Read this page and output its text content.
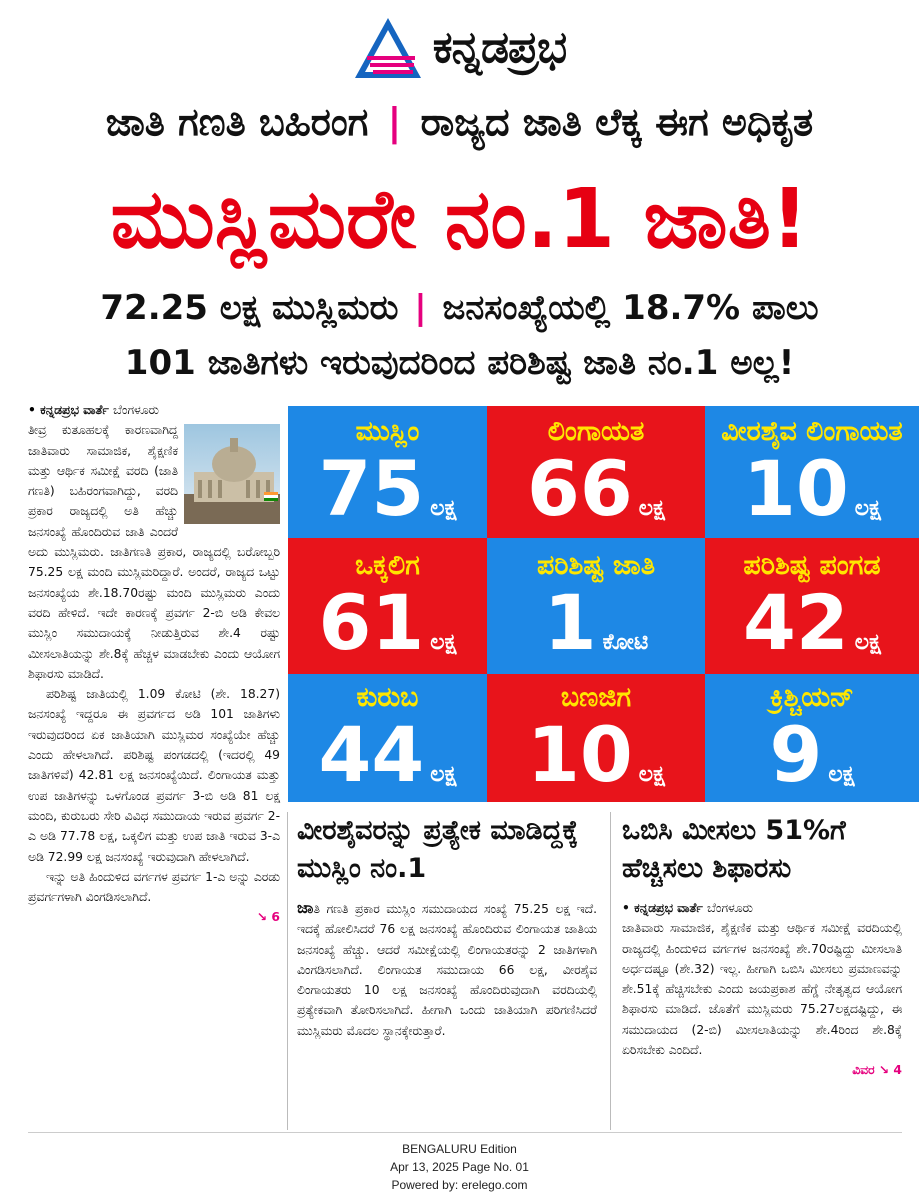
ಕನ್ನಡಪ್ರಭ
ಜಾತಿ ಗಣತಿ ಬಹಿರಂಗ | ರಾಜ್ಯದ ಜಾತಿ ಲೆಕ್ಕ ಈಗ ಅಧಿಕೃತ
ಮುಸ್ಲಿಮರೇ ನಂ.1 ಜಾತಿ!
72.25 ಲಕ್ಷ ಮುಸ್ಲಿಮರು | ಜನಸಂಖ್ಯೆಯಲ್ಲಿ 18.7% ಪಾಲು
101 ಜಾತಿಗಳು ಇರುವುದರಿಂದ ಪರಿಶಿಷ್ಟ ಜಾತಿ ನಂ.1 ಅಲ್ಲ!

• ಕನ್ನಡಪ್ರಭ ವಾರ್ತೆ ಬೆಂಗಳೂರು

ತೀವ್ರ ಕುತೂಹಲಕ್ಕೆ ಕಾರಣವಾಗಿದ್ದ ಜಾತಿವಾರು ಸಾಮಾಜಿಕ, ಶೈಕ್ಷಣಿಕ ಮತ್ತು ಆರ್ಥಿಕ ಸಮೀಕ್ಷೆ ವರದಿ (ಜಾತಿ ಗಣತಿ) ಬಹಿರಂಗವಾಗಿದ್ದು, ವರದಿ ಪ್ರಕಾರ ರಾಜ್ಯದಲ್ಲಿ ಅತಿ ಹೆಚ್ಚು ಜನಸಂಖ್ಯೆ ಹೊಂದಿರುವ ಜಾತಿ ಎಂದರೆ ಅದು ಮುಸ್ಲಿಮರು. ಜಾತಿಗಣತಿ ಪ್ರಕಾರ, ರಾಜ್ಯದಲ್ಲಿ ಬರೋಬ್ಬರಿ 75.25 ಲಕ್ಷ ಮಂದಿ ಮುಸ್ಲಿಮರಿದ್ದಾರೆ. ಅಂದರೆ, ರಾಜ್ಯದ ಒಟ್ಟು ಜನಸಂಖ್ಯೆಯ ಶೇ.18.70ರಷ್ಟು ಮಂದಿ ಮುಸ್ಲಿಮರು ಎಂದು ವರದಿ ಹೇಳಿದೆ. ಇದೇ ಕಾರಣಕ್ಕೆ ಪ್ರವರ್ಗ 2-ಬಿ ಅಡಿ ಕೇವಲ ಮುಸ್ಲಿಂ ಸಮುದಾಯಕ್ಕೆ ನೀಡುತ್ತಿರುವ ಶೇ.4 ರಷ್ಟು ಮೀಸಲಾತಿಯನ್ನು ಶೇ.8ಕ್ಕೆ ಹೆಚ್ಚಳ ಮಾಡಬೇಕು ಎಂದು ಆಯೋಗ ಶಿಫಾರಸು ಮಾಡಿದೆ.

ಪರಿಶಿಷ್ಟ ಜಾತಿಯಲ್ಲಿ 1.09 ಕೋಟಿ (ಶೇ. 18.27) ಜನಸಂಖ್ಯೆ ಇದ್ದರೂ ಈ ಪ್ರವರ್ಗದ ಅಡಿ 101 ಜಾತಿಗಳು ಇರುವುದರಿಂದ ಏಕ ಜಾತಿಯಾಗಿ ಮುಸ್ಲಿಮರ ಸಂಖ್ಯೆಯೇ ಹೆಚ್ಚು ಎಂದು ಹೇಳಲಾಗಿದೆ. ಪರಿಶಿಷ್ಟ ಪಂಗಡದಲ್ಲಿ (ಇದರಲ್ಲಿ 49 ಜಾತಿಗಳಿವೆ) 42.81 ಲಕ್ಷ ಜನಸಂಖ್ಯೆಯಿದೆ. ಲಿಂಗಾಯತ ಮತ್ತು ಉಪ ಜಾತಿಗಳನ್ನು ಒಳಗೊಂಡ ಪ್ರವರ್ಗ 3-ಬಿ ಅಡಿ 81 ಲಕ್ಷ ಮಂದಿ, ಕುರುಬರು ಸೇರಿ ವಿವಿಧ ಸಮುದಾಯ ಇರುವ ಪ್ರವರ್ಗ 2-ಎ ಅಡಿ 77.78 ಲಕ್ಷ, ಒಕ್ಕಲಿಗ ಮತ್ತು ಉಪ ಜಾತಿ ಇರುವ 3-ಎ ಅಡಿ 72.99 ಲಕ್ಷ ಜನಸಂಖ್ಯೆ ಇರುವುದಾಗಿ ಹೇಳಲಾಗಿದೆ.

ಇನ್ನು ಅತಿ ಹಿಂದುಳಿದ ವರ್ಗಗಳ ಪ್ರವರ್ಗ 1-ಎ ಅನ್ನು ಎರಡು ಪ್ರವರ್ಗಗಳಾಗಿ ವಿಂಗಡಿಸಲಾಗಿದೆ.

↘ 6

ಮುಸ್ಲಿಂ
75 ಲಕ್ಷ
ಲಿಂಗಾಯತ
66 ಲಕ್ಷ
ವೀರಶೈವ ಲಿಂಗಾಯತ
10 ಲಕ್ಷ
ಒಕ್ಕಲಿಗ
61 ಲಕ್ಷ
ಪರಿಶಿಷ್ಟ ಜಾತಿ
1 ಕೋಟಿ
ಪರಿಶಿಷ್ಟ ಪಂಗಡ
42 ಲಕ್ಷ
ಕುರುಬ
44 ಲಕ್ಷ
ಬಣಜಿಗ
10 ಲಕ್ಷ
ಕ್ರಿಶ್ಚಿಯನ್
9 ಲಕ್ಷ
ವೀರಶೈವರನ್ನು ಪ್ರತ್ಯೇಕ ಮಾಡಿದ್ದಕ್ಕೆ ಮುಸ್ಲಿಂ ನಂ.1
ಜಾತಿ ಗಣತಿ ಪ್ರಕಾರ ಮುಸ್ಲಿಂ ಸಮುದಾಯದ ಸಂಖ್ಯೆ 75.25 ಲಕ್ಷ ಇದೆ. ಇದಕ್ಕೆ ಹೋಲಿಸಿದರೆ 76 ಲಕ್ಷ ಜನಸಂಖ್ಯೆ ಹೊಂದಿರುವ ಲಿಂಗಾಯತ ಜಾತಿಯ ಜನಸಂಖ್ಯೆ ಹೆಚ್ಚು. ಆದರೆ ಸಮೀಕ್ಷೆಯಲ್ಲಿ ಲಿಂಗಾಯತರನ್ನು 2 ಜಾತಿಗಳಾಗಿ ವಿಂಗಡಿಸಲಾಗಿದೆ. ಲಿಂಗಾಯತ ಸಮುದಾಯ 66 ಲಕ್ಷ, ವೀರಶೈವ ಲಿಂಗಾಯತರು 10 ಲಕ್ಷ ಜನಸಂಖ್ಯೆ ಹೊಂದಿರುವುದಾಗಿ ವರದಿಯಲ್ಲಿ ಪ್ರತ್ಯೇಕವಾಗಿ ತೋರಿಸಲಾಗಿದೆ. ಹೀಗಾಗಿ ಒಂದು ಜಾತಿಯಾಗಿ ಪರಿಗಣಿಸಿದರೆ ಮುಸ್ಲಿಮರು ಮೊದಲ ಸ್ಥಾನಕ್ಕೇರುತ್ತಾರೆ.
ಒಬಿಸಿ ಮೀಸಲು 51%ಗೆ ಹೆಚ್ಚಿಸಲು ಶಿಫಾರಸು

• ಕನ್ನಡಪ್ರಭ ವಾರ್ತೆ ಬೆಂಗಳೂರು

ಜಾತಿವಾರು ಸಾಮಾಜಿಕ, ಶೈಕ್ಷಣಿಕ ಮತ್ತು ಆರ್ಥಿಕ ಸಮೀಕ್ಷೆ ವರದಿಯಲ್ಲಿ ರಾಜ್ಯದಲ್ಲಿ ಹಿಂದುಳಿದ ವರ್ಗಗಳ ಜನಸಂಖ್ಯೆ ಶೇ.70ರಷ್ಟಿದ್ದು ಮೀಸಲಾತಿ ಅರ್ಧದಷ್ಟೂ (ಶೇ.32) ಇಲ್ಲ. ಹೀಗಾಗಿ ಒಬಿಸಿ ಮೀಸಲು ಪ್ರಮಾಣವನ್ನು ಶೇ.51ಕ್ಕೆ ಹೆಚ್ಚಿಸಬೇಕು ಎಂದು ಜಯಪ್ರಕಾಶ ಹೆಗ್ಡೆ ನೇತೃತ್ವದ ಆಯೋಗ ಶಿಫಾರಸು ಮಾಡಿದೆ. ಜೊತೆಗೆ ಮುಸ್ಲಿಮರು 75.27ಲಕ್ಷದಷ್ಟಿದ್ದು, ಈ ಸಮುದಾಯದ (2-ಬಿ) ಮೀಸಲಾತಿಯನ್ನು ಶೇ.4ರಿಂದ ಶೇ.8ಕ್ಕೆ ಏರಿಸಬೇಕು ಎಂದಿದೆ.

ವಿವರ ↘ 4

BENGALURU Edition
Apr 13, 2025 Page No. 01
Powered by: erelego.com
